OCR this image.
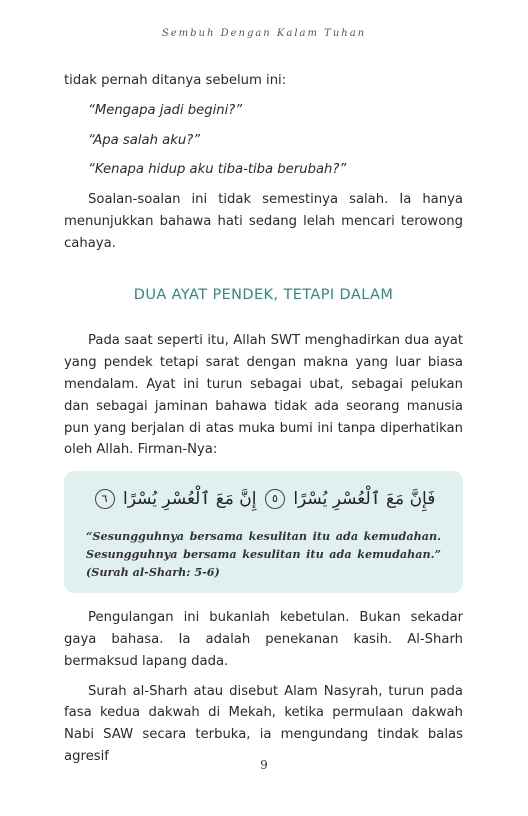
Sembuh Dengan Kalam Tuhan

tidak pernah ditanya sebelum ini:

“Mengapa jadi begini?”

“Apa salah aku?”

“Kenapa hidup aku tiba-tiba berubah?”

Soalan-soalan ini tidak semestinya salah. Ia hanya menunjukkan bahawa hati sedang lelah mencari terowong cahaya.

DUA AYAT PENDEK, TETAPI DALAM

Pada saat seperti itu, Allah SWT menghadirkan dua ayat yang pendek tetapi sarat dengan makna yang luar biasa mendalam. Ayat ini turun sebagai ubat, sebagai pelukan dan sebagai jaminan bahawa tidak ada seorang manusia pun yang berjalan di atas muka bumi ini tanpa diperhatikan oleh Allah. Firman-Nya:

فَإِنَّ مَعَ ٱلْعُسْرِ يُسْرًا ٥ إِنَّ مَعَ ٱلْعُسْرِ يُسْرًا ٦
“Sesungguhnya bersama kesulitan itu ada kemudahan. Sesungguhnya bersama kesulitan itu ada kemudahan.” (Surah al-Sharh: 5-6)

Pengulangan ini bukanlah kebetulan. Bukan sekadar gaya bahasa. Ia adalah penekanan kasih. Al-Sharh bermaksud lapang dada.

Surah al-Sharh atau disebut Alam Nasyrah, turun pada fasa kedua dakwah di Mekah, ketika permulaan dakwah Nabi SAW secara terbuka, ia mengundang tindak balas agresif

9
